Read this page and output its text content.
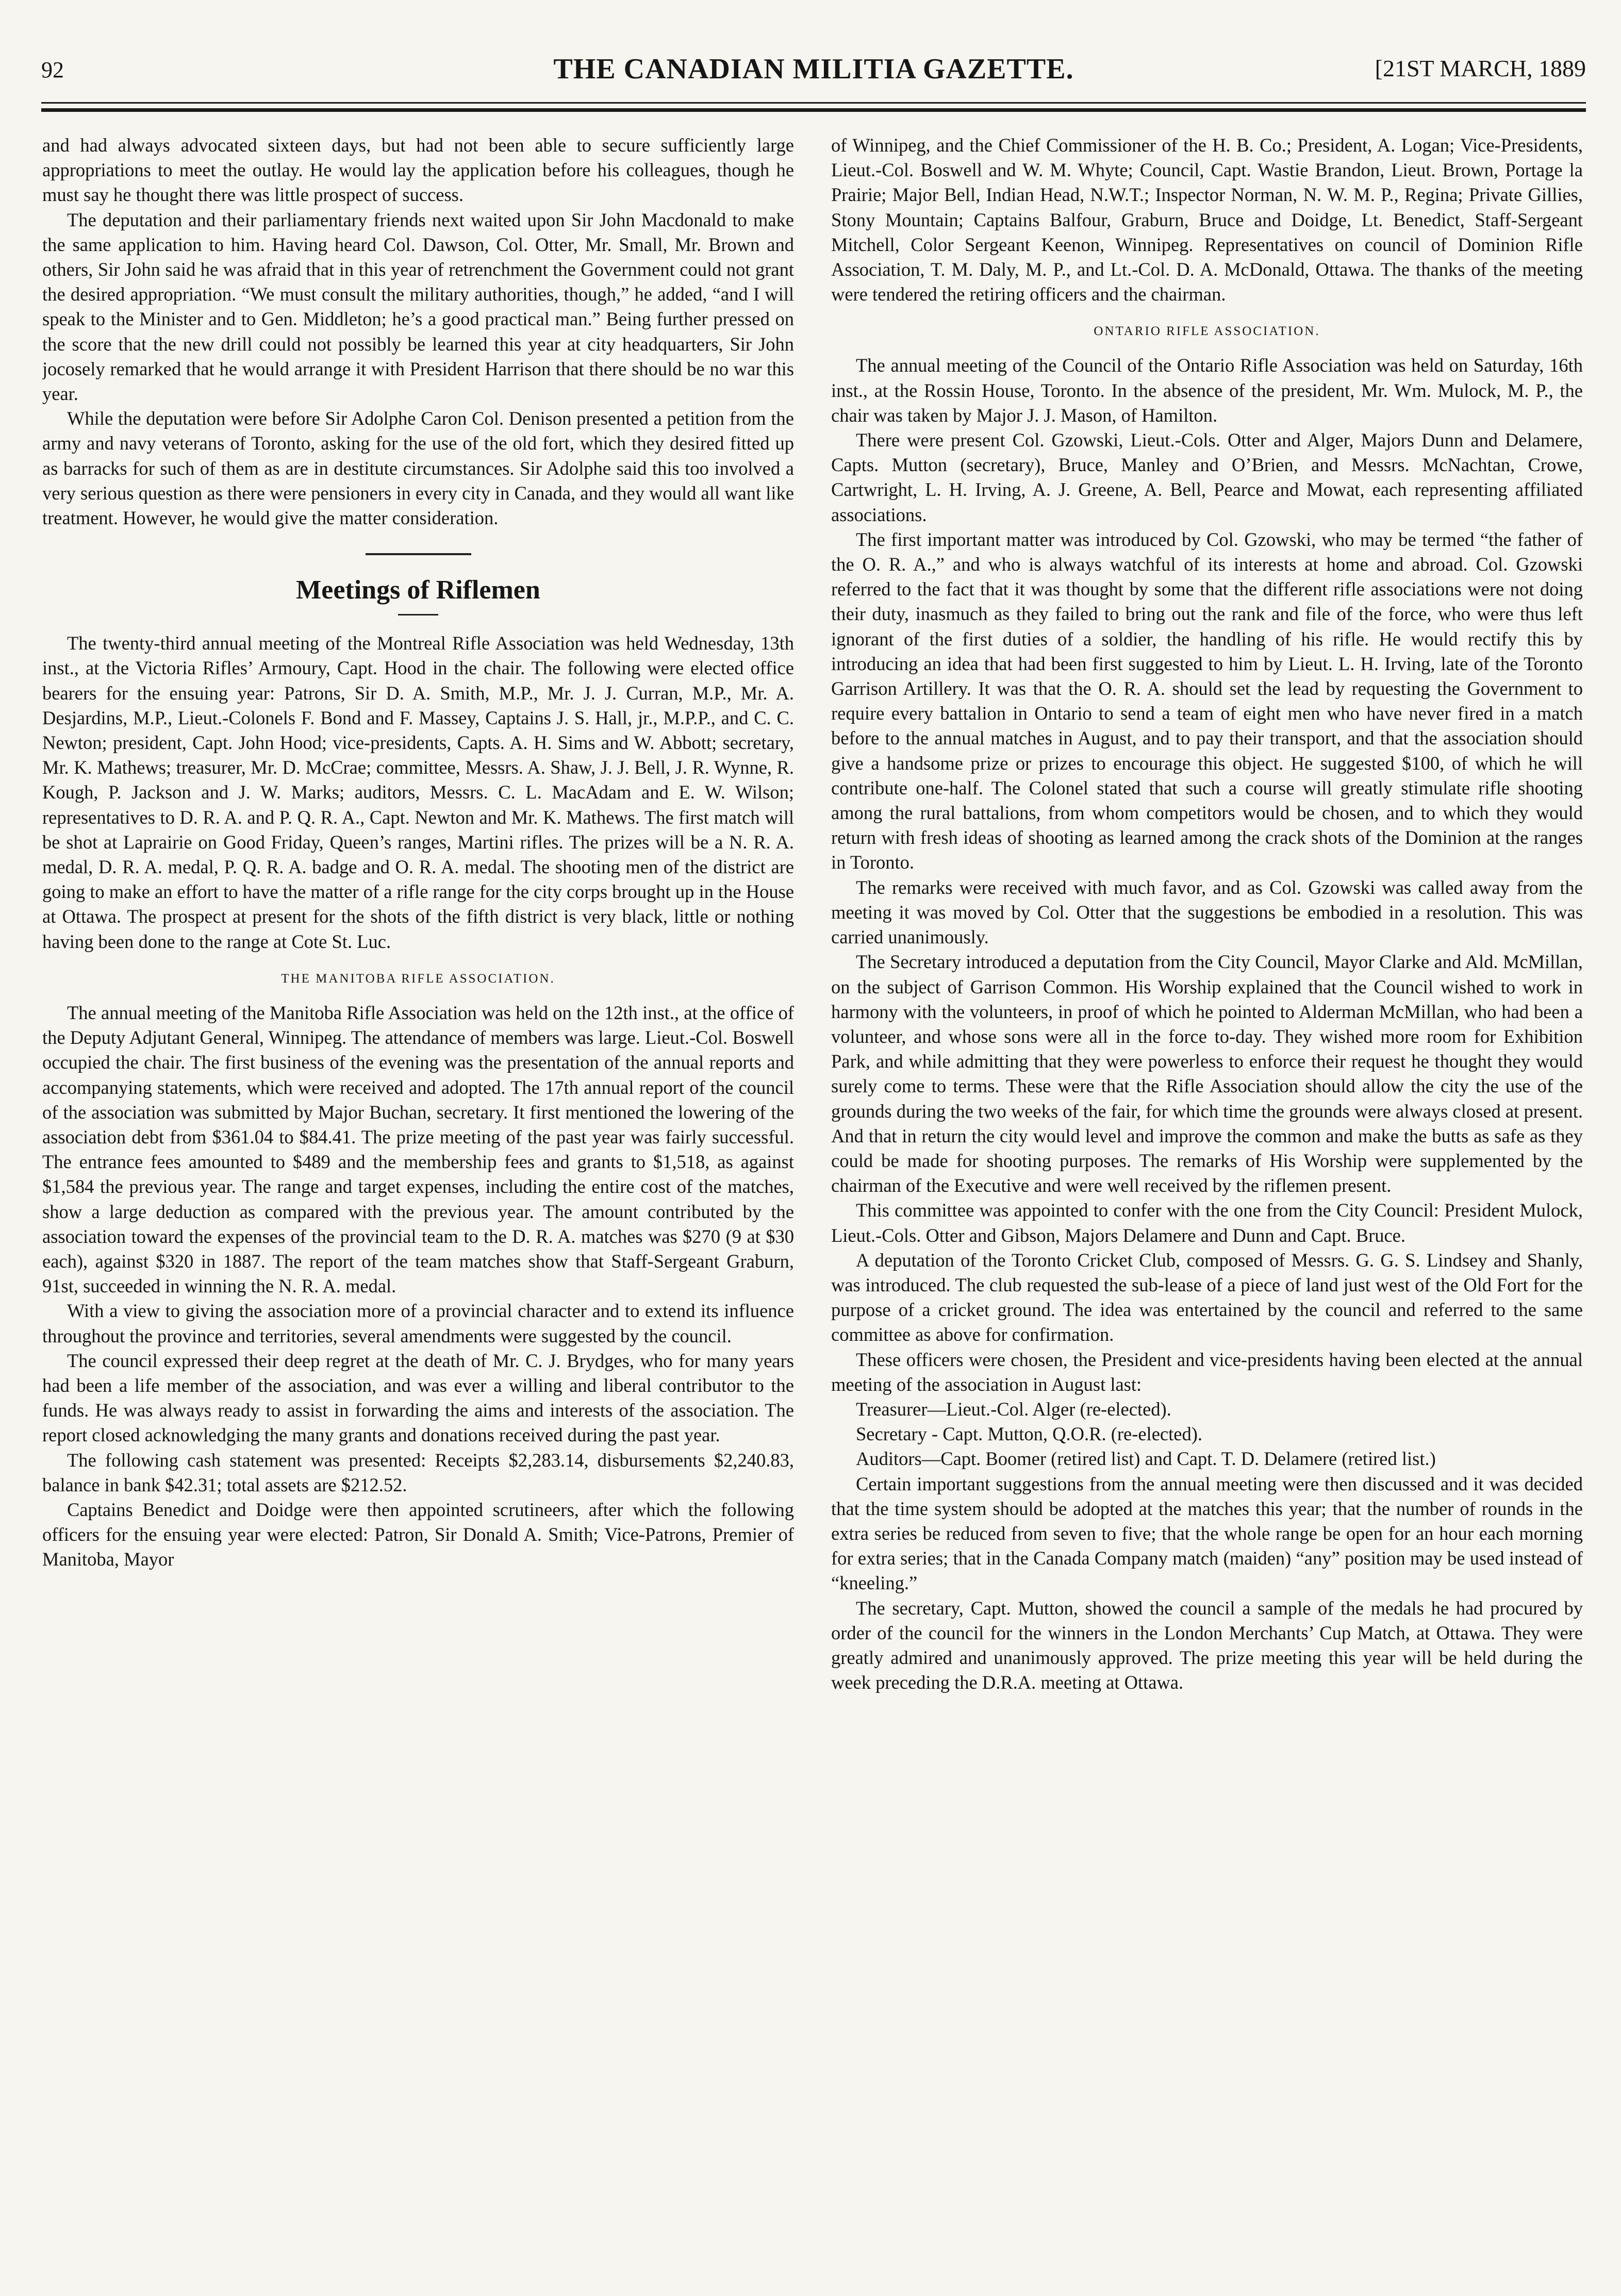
92	THE CANADIAN MILITIA GAZETTE.	[21ST MARCH, 1889

and had always advocated sixteen days, but had not been able to secure sufficiently large appropriations to meet the outlay. He would lay the application before his colleagues, though he must say he thought there was little prospect of success.

The deputation and their parliamentary friends next waited upon Sir John Macdonald to make the same application to him. Having heard Col. Dawson, Col. Otter, Mr. Small, Mr. Brown and others, Sir John said he was afraid that in this year of retrenchment the Government could not grant the desired appropriation. “We must consult the military authorities, though,” he added, “and I will speak to the Minister and to Gen. Middleton; he’s a good practical man.” Being further pressed on the score that the new drill could not possibly be learned this year at city headquarters, Sir John jocosely remarked that he would arrange it with President Harrison that there should be no war this year.

While the deputation were before Sir Adolphe Caron Col. Denison presented a petition from the army and navy veterans of Toronto, asking for the use of the old fort, which they desired fitted up as barracks for such of them as are in destitute circumstances. Sir Adolphe said this too involved a very serious question as there were pensioners in every city in Canada, and they would all want like treatment. However, he would give the matter consideration.

Meetings of Riflemen

The twenty-third annual meeting of the Montreal Rifle Association was held Wednesday, 13th inst., at the Victoria Rifles’ Armoury, Capt. Hood in the chair. The following were elected office bearers for the ensuing year: Patrons, Sir D. A. Smith, M.P., Mr. J. J. Curran, M.P., Mr. A. Desjardins, M.P., Lieut.-Colonels F. Bond and F. Massey, Captains J. S. Hall, jr., M.P.P., and C. C. Newton; president, Capt. John Hood; vice-presidents, Capts. A. H. Sims and W. Abbott; secretary, Mr. K. Mathews; treasurer, Mr. D. McCrae; committee, Messrs. A. Shaw, J. J. Bell, J. R. Wynne, R. Kough, P. Jackson and J. W. Marks; auditors, Messrs. C. L. MacAdam and E. W. Wilson; representatives to D. R. A. and P. Q. R. A., Capt. Newton and Mr. K. Mathews. The first match will be shot at Laprairie on Good Friday, Queen’s ranges, Martini rifles. The prizes will be a N. R. A. medal, D. R. A. medal, P. Q. R. A. badge and O. R. A. medal. The shooting men of the district are going to make an effort to have the matter of a rifle range for the city corps brought up in the House at Ottawa. The prospect at present for the shots of the fifth district is very black, little or nothing having been done to the range at Cote St. Luc.

THE MANITOBA RIFLE ASSOCIATION.

The annual meeting of the Manitoba Rifle Association was held on the 12th inst., at the office of the Deputy Adjutant General, Winnipeg. The attendance of members was large. Lieut.-Col. Boswell occupied the chair. The first business of the evening was the presentation of the annual reports and accompanying statements, which were received and adopted. The 17th annual report of the council of the association was submitted by Major Buchan, secretary. It first mentioned the lowering of the association debt from $361.04 to $84.41. The prize meeting of the past year was fairly successful. The entrance fees amounted to $489 and the membership fees and grants to $1,518, as against $1,584 the previous year. The range and target expenses, including the entire cost of the matches, show a large deduction as compared with the previous year. The amount contributed by the association toward the expenses of the provincial team to the D. R. A. matches was $270 (9 at $30 each), against $320 in 1887. The report of the team matches show that Staff-Sergeant Graburn, 91st, succeeded in winning the N. R. A. medal.

With a view to giving the association more of a provincial character and to extend its influence throughout the province and territories, several amendments were suggested by the council.

The council expressed their deep regret at the death of Mr. C. J. Brydges, who for many years had been a life member of the association, and was ever a willing and liberal contributor to the funds. He was always ready to assist in forwarding the aims and interests of the association. The report closed acknowledging the many grants and donations received during the past year.

The following cash statement was presented: Receipts $2,283.14, disbursements $2,240.83, balance in bank $42.31; total assets are $212.52.

Captains Benedict and Doidge were then appointed scrutineers, after which the following officers for the ensuing year were elected: Patron, Sir Donald A. Smith; Vice-Patrons, Premier of Manitoba, Mayor

of Winnipeg, and the Chief Commissioner of the H. B. Co.; President, A. Logan; Vice-Presidents, Lieut.-Col. Boswell and W. M. Whyte; Council, Capt. Wastie Brandon, Lieut. Brown, Portage la Prairie; Major Bell, Indian Head, N.W.T.; Inspector Norman, N. W. M. P., Regina; Private Gillies, Stony Mountain; Captains Balfour, Graburn, Bruce and Doidge, Lt. Benedict, Staff-Sergeant Mitchell, Color Sergeant Keenon, Winnipeg. Representatives on council of Dominion Rifle Association, T. M. Daly, M. P., and Lt.-Col. D. A. McDonald, Ottawa. The thanks of the meeting were tendered the retiring officers and the chairman.

ONTARIO RIFLE ASSOCIATION.

The annual meeting of the Council of the Ontario Rifle Association was held on Saturday, 16th inst., at the Rossin House, Toronto. In the absence of the president, Mr. Wm. Mulock, M. P., the chair was taken by Major J. J. Mason, of Hamilton.

There were present Col. Gzowski, Lieut.-Cols. Otter and Alger, Majors Dunn and Delamere, Capts. Mutton (secretary), Bruce, Manley and O’Brien, and Messrs. McNachtan, Crowe, Cartwright, L. H. Irving, A. J. Greene, A. Bell, Pearce and Mowat, each representing affiliated associations.

The first important matter was introduced by Col. Gzowski, who may be termed “the father of the O. R. A.,” and who is always watchful of its interests at home and abroad. Col. Gzowski referred to the fact that it was thought by some that the different rifle associations were not doing their duty, inasmuch as they failed to bring out the rank and file of the force, who were thus left ignorant of the first duties of a soldier, the handling of his rifle. He would rectify this by introducing an idea that had been first suggested to him by Lieut. L. H. Irving, late of the Toronto Garrison Artillery. It was that the O. R. A. should set the lead by requesting the Government to require every battalion in Ontario to send a team of eight men who have never fired in a match before to the annual matches in August, and to pay their transport, and that the association should give a handsome prize or prizes to encourage this object. He suggested $100, of which he will contribute one-half. The Colonel stated that such a course will greatly stimulate rifle shooting among the rural battalions, from whom competitors would be chosen, and to which they would return with fresh ideas of shooting as learned among the crack shots of the Dominion at the ranges in Toronto.

The remarks were received with much favor, and as Col. Gzowski was called away from the meeting it was moved by Col. Otter that the suggestions be embodied in a resolution. This was carried unanimously.

The Secretary introduced a deputation from the City Council, Mayor Clarke and Ald. McMillan, on the subject of Garrison Common. His Worship explained that the Council wished to work in harmony with the volunteers, in proof of which he pointed to Alderman McMillan, who had been a volunteer, and whose sons were all in the force to-day. They wished more room for Exhibition Park, and while admitting that they were powerless to enforce their request he thought they would surely come to terms. These were that the Rifle Association should allow the city the use of the grounds during the two weeks of the fair, for which time the grounds were always closed at present. And that in return the city would level and improve the common and make the butts as safe as they could be made for shooting purposes. The remarks of His Worship were supplemented by the chairman of the Executive and were well received by the riflemen present.

This committee was appointed to confer with the one from the City Council: President Mulock, Lieut.-Cols. Otter and Gibson, Majors Delamere and Dunn and Capt. Bruce.

A deputation of the Toronto Cricket Club, composed of Messrs. G. G. S. Lindsey and Shanly, was introduced. The club requested the sub-lease of a piece of land just west of the Old Fort for the purpose of a cricket ground. The idea was entertained by the council and referred to the same committee as above for confirmation.

These officers were chosen, the President and vice-presidents having been elected at the annual meeting of the association in August last:

Treasurer—Lieut.-Col. Alger (re-elected).

Secretary - Capt. Mutton, Q.O.R. (re-elected).

Auditors—Capt. Boomer (retired list) and Capt. T. D. Delamere (retired list.)

Certain important suggestions from the annual meeting were then discussed and it was decided that the time system should be adopted at the matches this year; that the number of rounds in the extra series be reduced from seven to five; that the whole range be open for an hour each morning for extra series; that in the Canada Company match (maiden) “any” position may be used instead of “kneeling.”

The secretary, Capt. Mutton, showed the council a sample of the medals he had procured by order of the council for the winners in the London Merchants’ Cup Match, at Ottawa. They were greatly admired and unanimously approved. The prize meeting this year will be held during the week preceding the D.R.A. meeting at Ottawa.
